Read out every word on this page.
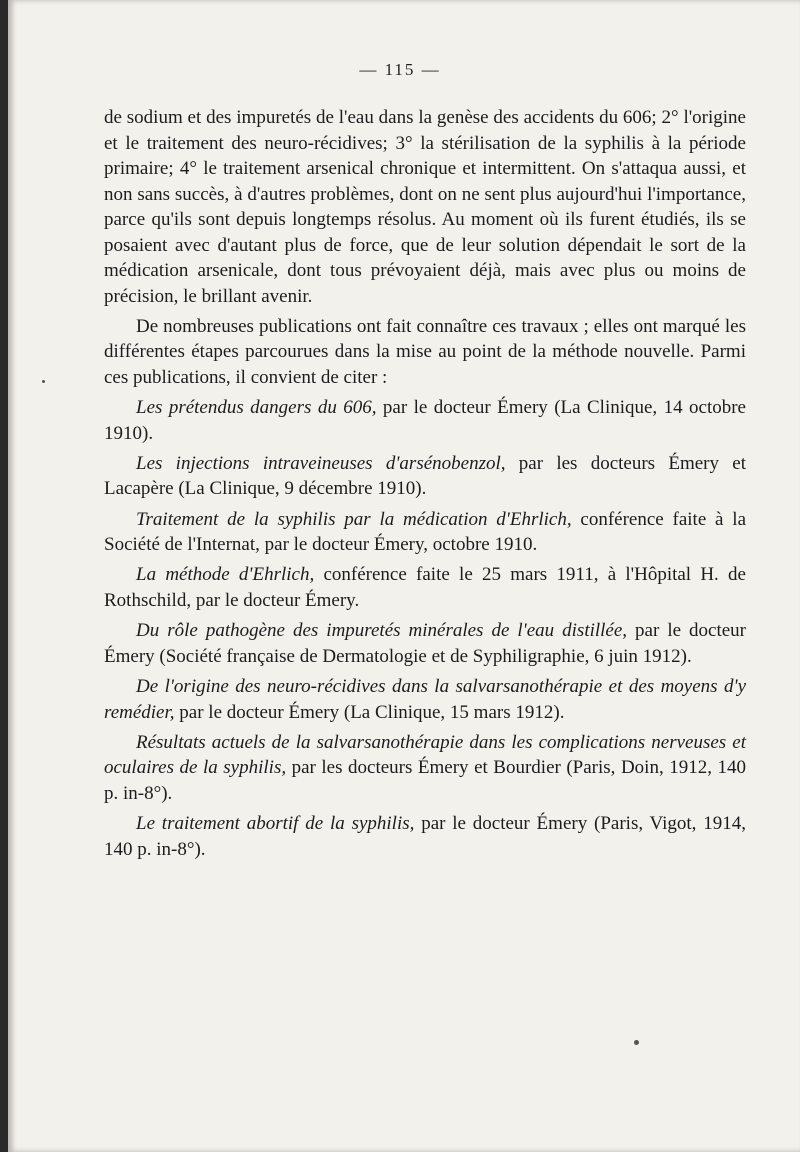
— 115 —

de sodium et des impuretés de l'eau dans la genèse des accidents du 606; 2° l'origine et le traitement des neuro-récidives; 3° la stérilisation de la syphilis à la période primaire; 4° le traitement arsenical chronique et intermittent. On s'attaqua aussi, et non sans succès, à d'autres problèmes, dont on ne sent plus aujourd'hui l'importance, parce qu'ils sont depuis longtemps résolus. Au moment où ils furent étudiés, ils se posaient avec d'autant plus de force, que de leur solution dépendait le sort de la médication arsenicale, dont tous prévoyaient déjà, mais avec plus ou moins de précision, le brillant avenir.

De nombreuses publications ont fait connaître ces travaux ; elles ont marqué les différentes étapes parcourues dans la mise au point de la méthode nouvelle. Parmi ces publications, il convient de citer :

Les prétendus dangers du 606, par le docteur Émery (La Clinique, 14 octobre 1910).

Les injections intraveineuses d'arsénobenzol, par les docteurs Émery et Lacapère (La Clinique, 9 décembre 1910).

Traitement de la syphilis par la médication d'Ehrlich, conférence faite à la Société de l'Internat, par le docteur Émery, octobre 1910.

La méthode d'Ehrlich, conférence faite le 25 mars 1911, à l'Hôpital H. de Rothschild, par le docteur Émery.

Du rôle pathogène des impuretés minérales de l'eau distillée, par le docteur Émery (Société française de Dermatologie et de Syphiligraphie, 6 juin 1912).

De l'origine des neuro-récidives dans la salvarsanothérapie et des moyens d'y remédier, par le docteur Émery (La Clinique, 15 mars 1912).

Résultats actuels de la salvarsanothérapie dans les complications nerveuses et oculaires de la syphilis, par les docteurs Émery et Bourdier (Paris, Doin, 1912, 140 p. in-8°).

Le traitement abortif de la syphilis, par le docteur Émery (Paris, Vigot, 1914, 140 p. in-8°).
